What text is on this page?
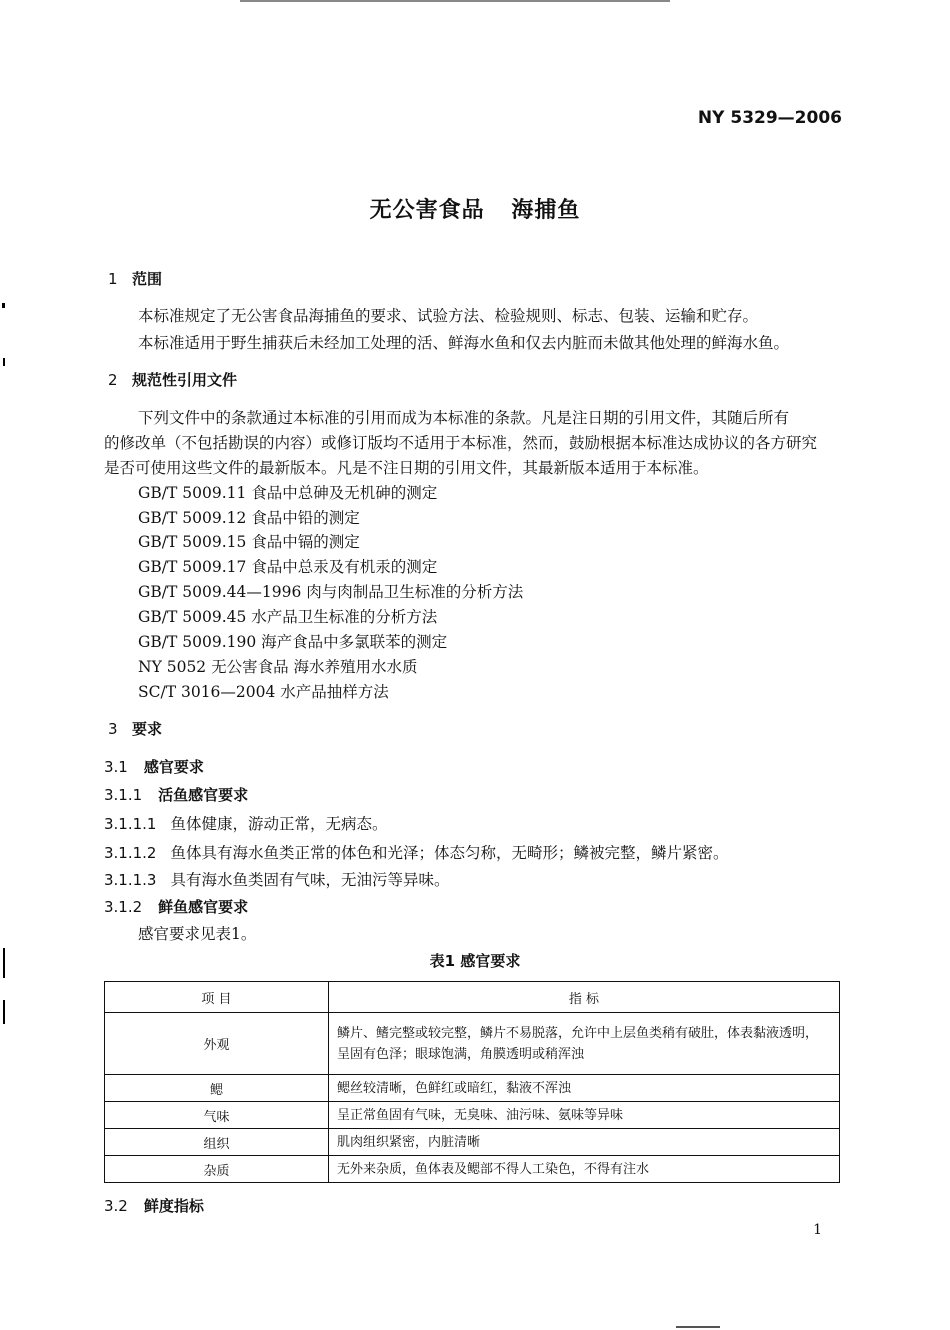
NY 5329—2006
无公害食品 海捕鱼
1 范围
本标准规定了无公害食品海捕鱼的要求、试验方法、检验规则、标志、包装、运输和贮存。
本标准适用于野生捕获后未经加工处理的活、鲜海水鱼和仅去内脏而未做其他处理的鲜海水鱼。
2 规范性引用文件
下列文件中的条款通过本标准的引用而成为本标准的条款。凡是注日期的引用文件，其随后所有
的修改单（不包括勘误的内容）或修订版均不适用于本标准，然而，鼓励根据本标准达成协议的各方研究
是否可使用这些文件的最新版本。凡是不注日期的引用文件，其最新版本适用于本标准。
GB/T 5009.11 食品中总砷及无机砷的测定
GB/T 5009.12 食品中铅的测定
GB/T 5009.15 食品中镉的测定
GB/T 5009.17 食品中总汞及有机汞的测定
GB/T 5009.44—1996 肉与肉制品卫生标准的分析方法
GB/T 5009.45 水产品卫生标准的分析方法
GB/T 5009.190 海产食品中多氯联苯的测定
NY 5052 无公害食品 海水养殖用水水质
SC/T 3016—2004 水产品抽样方法
3 要求
3.1 感官要求
3.1.1 活鱼感官要求
3.1.1.1 鱼体健康，游动正常，无病态。
3.1.1.2 鱼体具有海水鱼类正常的体色和光泽；体态匀称，无畸形；鳞被完整，鳞片紧密。
3.1.1.3 具有海水鱼类固有气味，无油污等异味。
3.1.2 鲜鱼感官要求
感官要求见表1。
表1 感官要求
项 目	指 标
外观	鳞片、鳍完整或较完整，鳞片不易脱落，允许中上层鱼类稍有破肚，体表黏液透明，
呈固有色泽；眼球饱满，角膜透明或稍浑浊

鳃	鳃丝较清晰，色鲜红或暗红，黏液不浑浊

气味	呈正常鱼固有气味，无臭味、油污味、氨味等异味

组织	肌肉组织紧密，内脏清晰

杂质	无外来杂质，鱼体表及鳃部不得人工染色，不得有注水
3.2 鲜度指标
1
